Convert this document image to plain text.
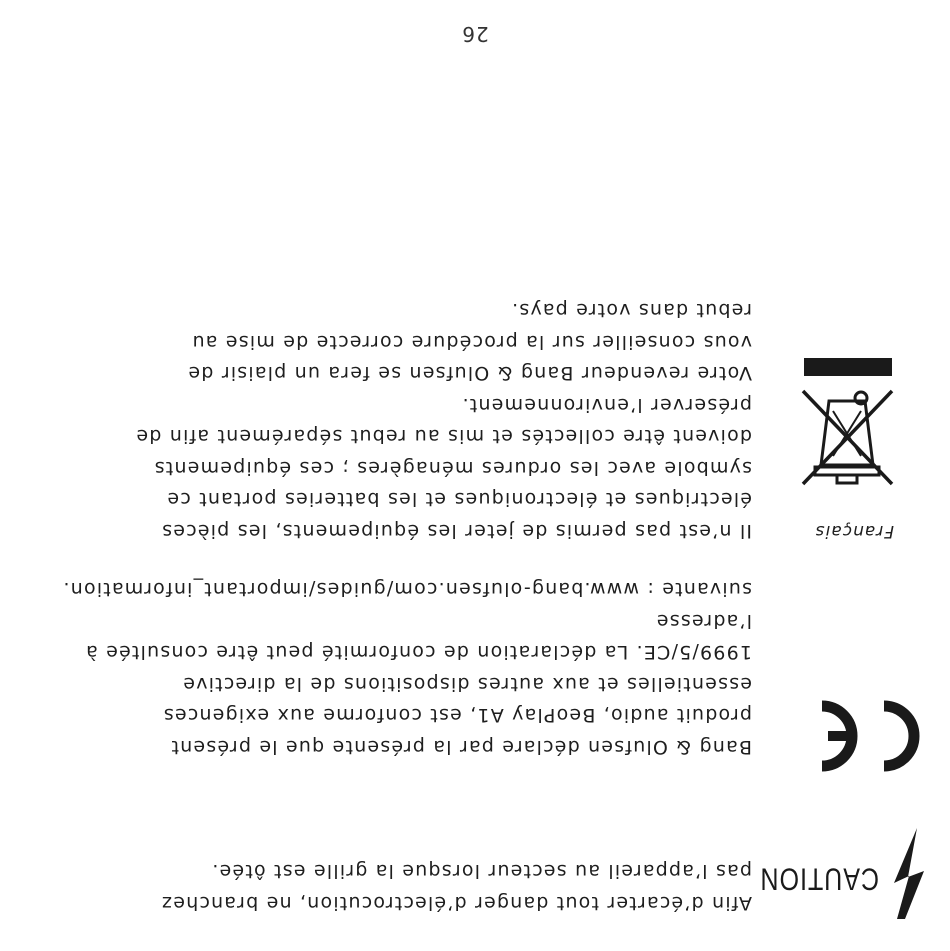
CAUTION

Afin d’écarter tout danger d’électrocution, ne branchez
pas l’appareil au secteur lorsque la grille est ôtée.

Bang & Olufsen déclare par la présente que le présent
produit audio, BeoPlay A1, est conforme aux exigences
essentielles et aux autres dispositions de la directive
1999/5/CE. La déclaration de conformité peut être consultée à l’adresse
suivante : www.bang-olufsen.com/guides/important_information.

Français

Il n’est pas permis de jeter les équipements, les pièces
électriques et électroniques et les batteries portant ce
symbole avec les ordures ménagères ; ces équipements
doivent être collectés et mis au rebut séparément afin de
préserver l’environnement.
Votre revendeur Bang & Olufsen se fera un plaisir de
vous conseiller sur la procédure correcte de mise au
rebut dans votre pays.

26
